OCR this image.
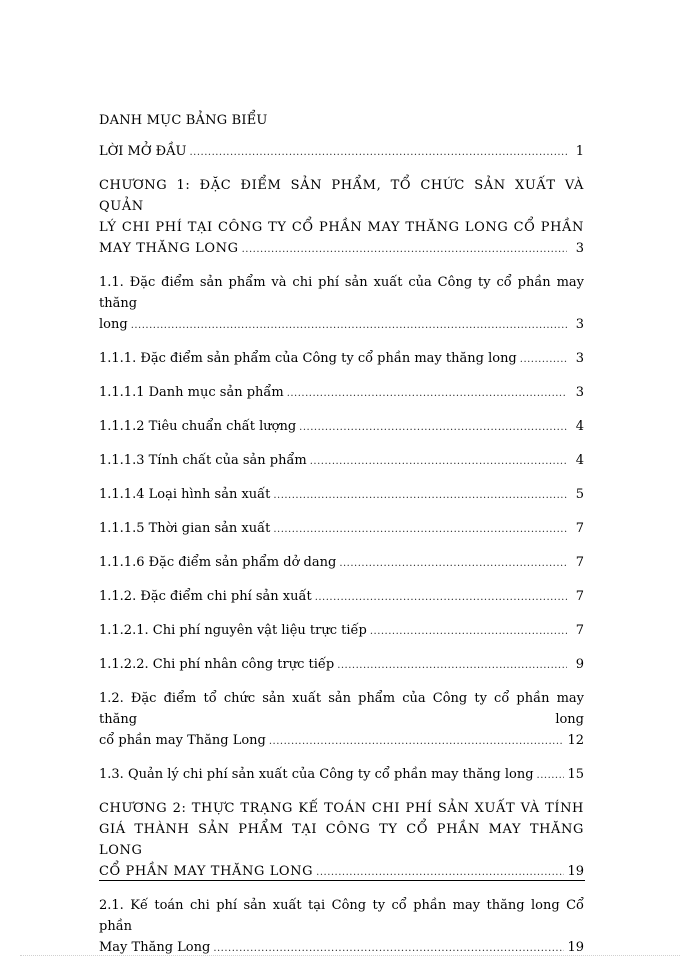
DANH MỤC BẢNG BIỂU
LỜI MỞ ĐẦU .....	1
CHƯƠNG 1: ĐẶC ĐIỂM SẢN PHẨM, TỔ CHỨC SẢN XUẤT VÀ QUẢN
LÝ CHI PHÍ TẠI CÔNG TY CỔ PHẦN MAY THĂNG LONG CỔ PHẦN
MAY THĂNG LONG .....	3
1.1. Đặc điểm sản phẩm và chi phí sản xuất của Công ty cổ phần may thăng
long .....	3
1.1.1. Đặc điểm sản phẩm của Công ty cổ phần may thăng long .....	3
1.1.1.1 Danh mục sản phẩm .....	3
1.1.1.2 Tiêu chuẩn chất lượng .....	4
1.1.1.3 Tính chất của sản phẩm .....	4
1.1.1.4 Loại hình sản xuất .....	5
1.1.1.5 Thời gian sản xuất .....	7
1.1.1.6 Đặc điểm sản phẩm dở dang .....	7
1.1.2. Đặc điểm chi phí sản xuất .....	7
1.1.2.1. Chi phí nguyên vật liệu trực tiếp .....	7
1.1.2.2. Chi phí nhân công trực tiếp .....	9
1.2. Đặc điểm tổ chức sản xuất sản phẩm của Công ty cổ phần may thăng long
cổ phần may Thăng Long .....	12
1.3. Quản lý chi phí sản xuất của Công ty cổ phần may thăng long .....	15
CHƯƠNG 2: THỰC TRẠNG KẾ TOÁN CHI PHÍ SẢN XUẤT VÀ TÍNH
GIÁ THÀNH SẢN PHẨM TẠI CÔNG TY CỔ PHẦN MAY THĂNG LONG
CỔ PHẦN MAY THĂNG LONG .....	19
2.1. Kế toán chi phí sản xuất tại Công ty cổ phần may thăng long Cổ phần
May Thăng Long .....	19
